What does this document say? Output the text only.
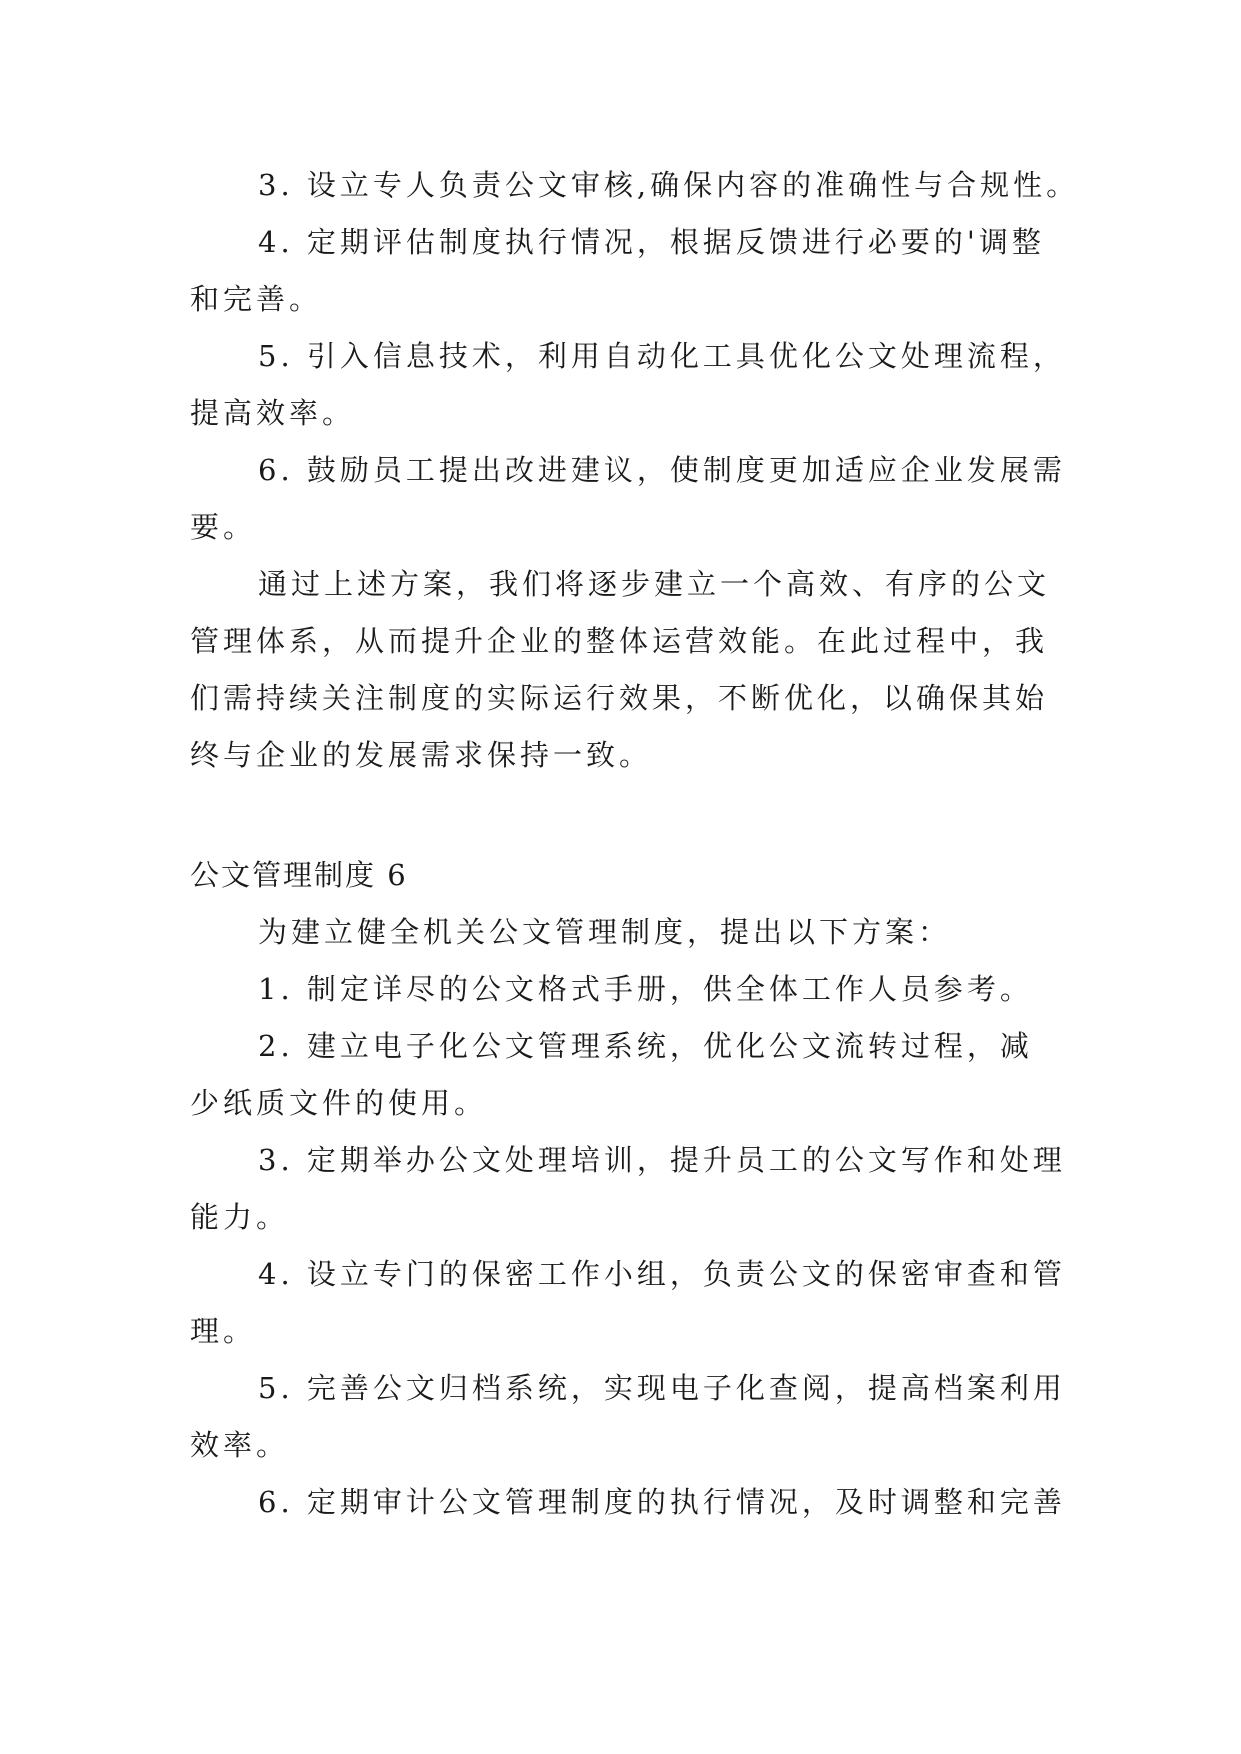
3. 设立专人负责公文审核,确保内容的准确性与合规性。
4. 定期评估制度执行情况，根据反馈进行必要的'调整
和完善。
5. 引入信息技术，利用自动化工具优化公文处理流程，
提高效率。
6. 鼓励员工提出改进建议，使制度更加适应企业发展需
要。
通过上述方案，我们将逐步建立一个高效、有序的公文
管理体系，从而提升企业的整体运营效能。在此过程中，我
们需持续关注制度的实际运行效果，不断优化，以确保其始
终与企业的发展需求保持一致。
公文管理制度 6
为建立健全机关公文管理制度，提出以下方案：
1. 制定详尽的公文格式手册，供全体工作人员参考。
2. 建立电子化公文管理系统，优化公文流转过程，减
少纸质文件的使用。
3. 定期举办公文处理培训，提升员工的公文写作和处理
能力。
4. 设立专门的保密工作小组，负责公文的保密审查和管
理。
5. 完善公文归档系统，实现电子化查阅，提高档案利用
效率。
6. 定期审计公文管理制度的执行情况，及时调整和完善
